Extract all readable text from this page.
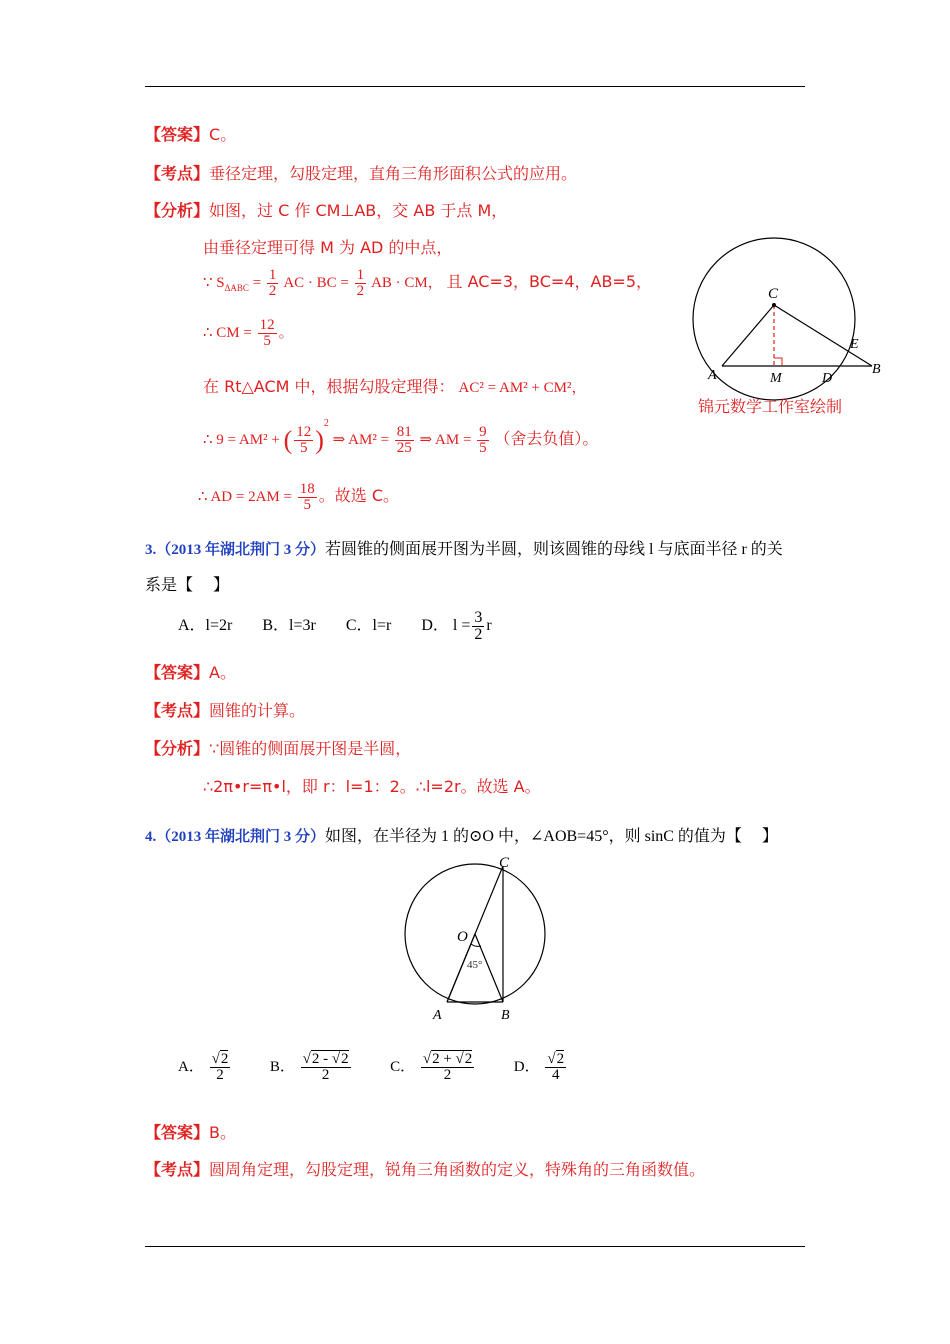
【答案】C。
【考点】垂径定理，勾股定理，直角三角形面积公式的应用。
【分析】如图，过 C 作 CM⊥AB，交 AB 于点 M，
由垂径定理可得 M 为 AD 的中点，
∵ $S_{\Delta ABC} = \frac{1}{2}$ AC · BC = $\frac{1}{2}$ AB · CM， 且 AC=3，BC=4，AB=5，
∴ CM = $\frac{12}{5}$ 。
在 Rt△ACM 中，根据勾股定理得： AC² = AM² + CM²，
∴ 9 = AM² + ( $\frac{12}{5} )^2$ ⇒ $AM^2 = \frac{81}{25}$ ⇒ AM = $\frac{9}{5}$ （舍去负值）。
∴ AD = $2AM = \frac{18}{5}$ 。故选 C。
C
E
A	M	D
B
锦元数学工作室绘制
3.（2013 年湖北荆门 3 分）若圆锥的侧面展开图为半圆，则该圆锥的母线 l 与底面半径 r 的关
系是【　 】
A．l=2r B．l=3r C．l=r D． $l = \frac{3}{2}$ r
【答案】A。
【考点】圆锥的计算。
【分析】∵圆锥的侧面展开图是半圆，
∴2π•r=π•l，即 r：l=1：2。∴l=2r。故选 A。
4.（2013 年湖北荆门 3 分）如图，在半径为 1 的⊙O 中，∠AOB=45°，则 sinC 的值为【　 】
C
O
45°
A	B
A． $\frac{√2}{2}$	B． $\frac{√2 - √2}{2}$	C． $\frac{√2 + √2}{2}$	D． $\frac{√2}{4}$
【答案】B。
【考点】圆周角定理，勾股定理，锐角三角函数的定义，特殊角的三角函数值。
